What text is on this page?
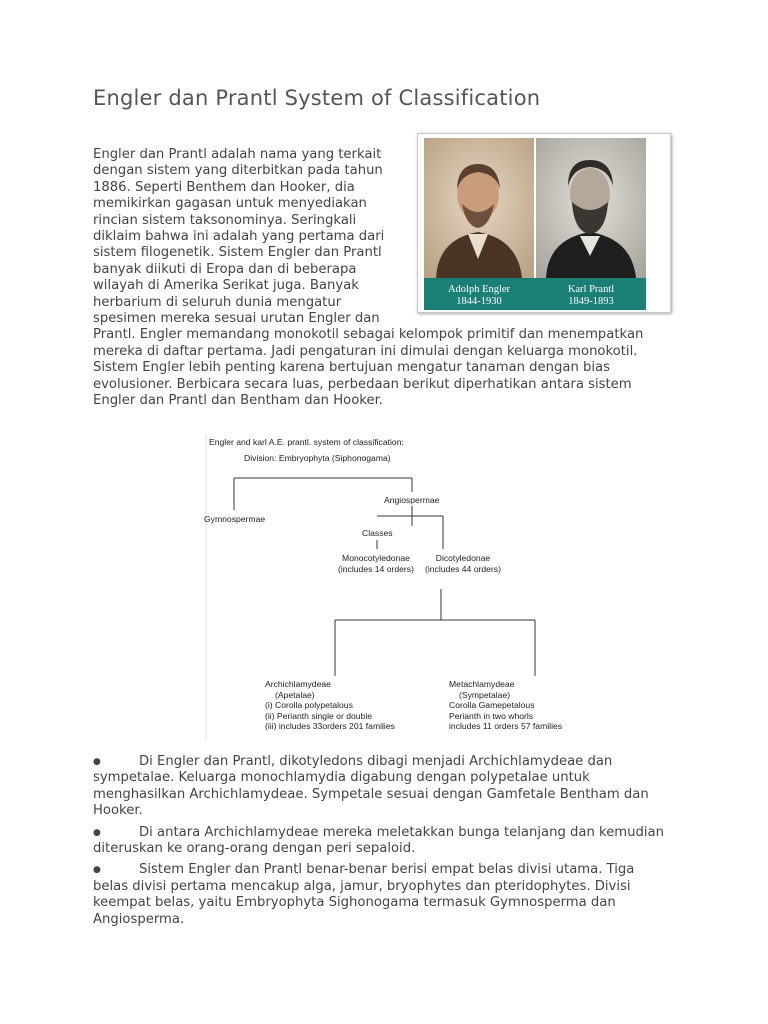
Engler dan Prantl System of Classification
Adolph Engler
1844-1930
Karl Prantl
1849-1893

Engler dan Prantl adalah nama yang terkait dengan sistem yang diterbitkan pada tahun 1886. Seperti Benthem dan Hooker, dia memikirkan gagasan untuk menyediakan rincian sistem taksonominya. Seringkali diklaim bahwa ini adalah yang pertama dari sistem filogenetik. Sistem Engler dan Prantl banyak diikuti di Eropa dan di beberapa wilayah di Amerika Serikat juga. Banyak herbarium di seluruh dunia mengatur spesimen mereka sesuai urutan Engler dan Prantl. Engler memandang monokotil sebagai kelompok primitif dan menempatkan mereka di daftar pertama. Jadi pengaturan ini dimulai dengan keluarga monokotil. Sistem Engler lebih penting karena bertujuan mengatur tanaman dengan bias evolusioner. Berbicara secara luas, perbedaan berikut diperhatikan antara sistem Engler dan Prantl dan Bentham dan Hooker.

Engler and karl A.E. prantl. system of classification:
Division: Embryophyta (Siphonogama)
Gymnospermae
Angiospermae
Classes
Monocotyledonae
(includes 14 orders)
Dicotyledonae
(includes 44 orders)
Archichlamydeae
(Apetalae)
(i) Corolla polypetalous
(ii) Perianth single or double
(iii) includes 33orders 201 families
Metachlamydeae
(Sympetalae)
Corolla Gamepetalous
Perianth in two whorls
includes 11 orders 57 families
●	Di Engler dan Prantl, dikotyledons dibagi menjadi Archichlamydeae dan sympetalae. Keluarga monochlamydia digabung dengan polypetalae untuk menghasilkan Archichlamydeae. Sympetale sesuai dengan Gamfetale Bentham dan Hooker.
●	Di antara Archichlamydeae mereka meletakkan bunga telanjang dan kemudian diteruskan ke orang-orang dengan peri sepaloid.
●	Sistem Engler dan Prantl benar-benar berisi empat belas divisi utama. Tiga belas divisi pertama mencakup alga, jamur, bryophytes dan pteridophytes. Divisi keempat belas, yaitu Embryophyta Sighonogama termasuk Gymnosperma dan Angiosperma.
